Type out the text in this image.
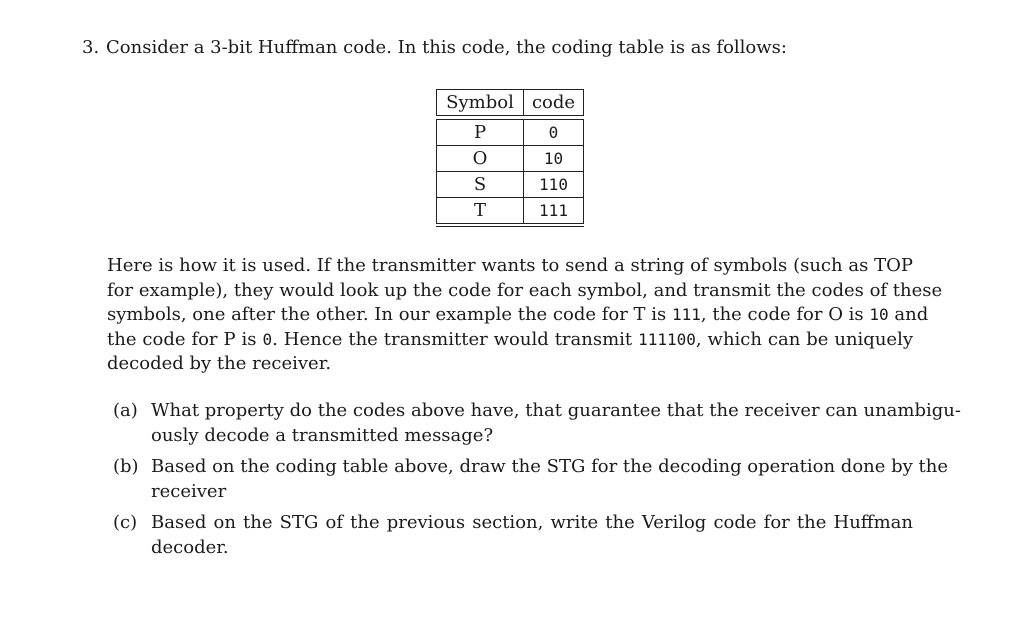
3. Consider a 3-bit Huffman code. In this code, the coding table is as follows:
Symbol	code
P	0
O	10
S	110
T	111
Here is how it is used. If the transmitter wants to send a string of symbols (such as TOP
for example), they would look up the code for each symbol, and transmit the codes of these
symbols, one after the other. In our example the code for T is 111, the code for O is 10 and
the code for P is 0. Hence the transmitter would transmit 111100, which can be uniquely
decoded by the receiver.
(a) What property do the codes above have, that guarantee that the receiver can unambigu-
ously decode a transmitted message?
(b) Based on the coding table above, draw the STG for the decoding operation done by the
receiver
(c) Based on the STG of the previous section, write the Verilog code for the Huffman
decoder.
